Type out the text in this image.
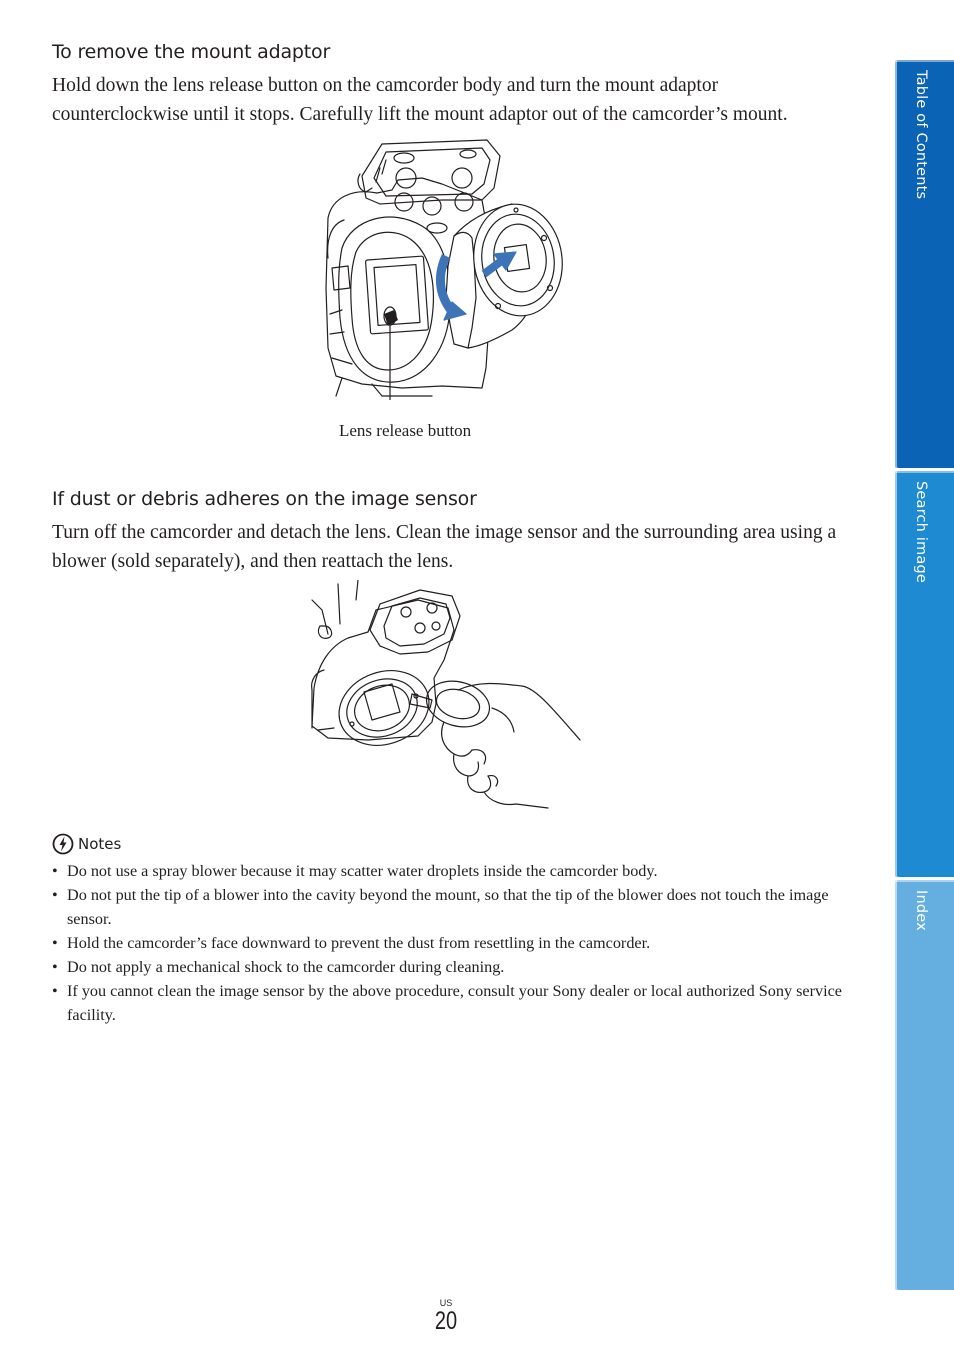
To remove the mount adaptor

Hold down the lens release button on the camcorder body and turn the mount adaptor counterclockwise until it stops. Carefully lift the mount adaptor out of the camcorder’s mount.

Lens release button
If dust or debris adheres on the image sensor

Turn off the camcorder and detach the lens. Clean the image sensor and the surrounding area using a blower (sold separately), and then reattach the lens.

Notes
• Do not use a spray blower because it may scatter water droplets inside the camcorder body.
• Do not put the tip of a blower into the cavity beyond the mount, so that the tip of the blower does not touch the image sensor.
• Hold the camcorder’s face downward to prevent the dust from resettling in the camcorder.
• Do not apply a mechanical shock to the camcorder during cleaning.
• If you cannot clean the image sensor by the above procedure, consult your Sony dealer or local authorized Sony service facility.
Table of Contents
Search image
Index
US
20
